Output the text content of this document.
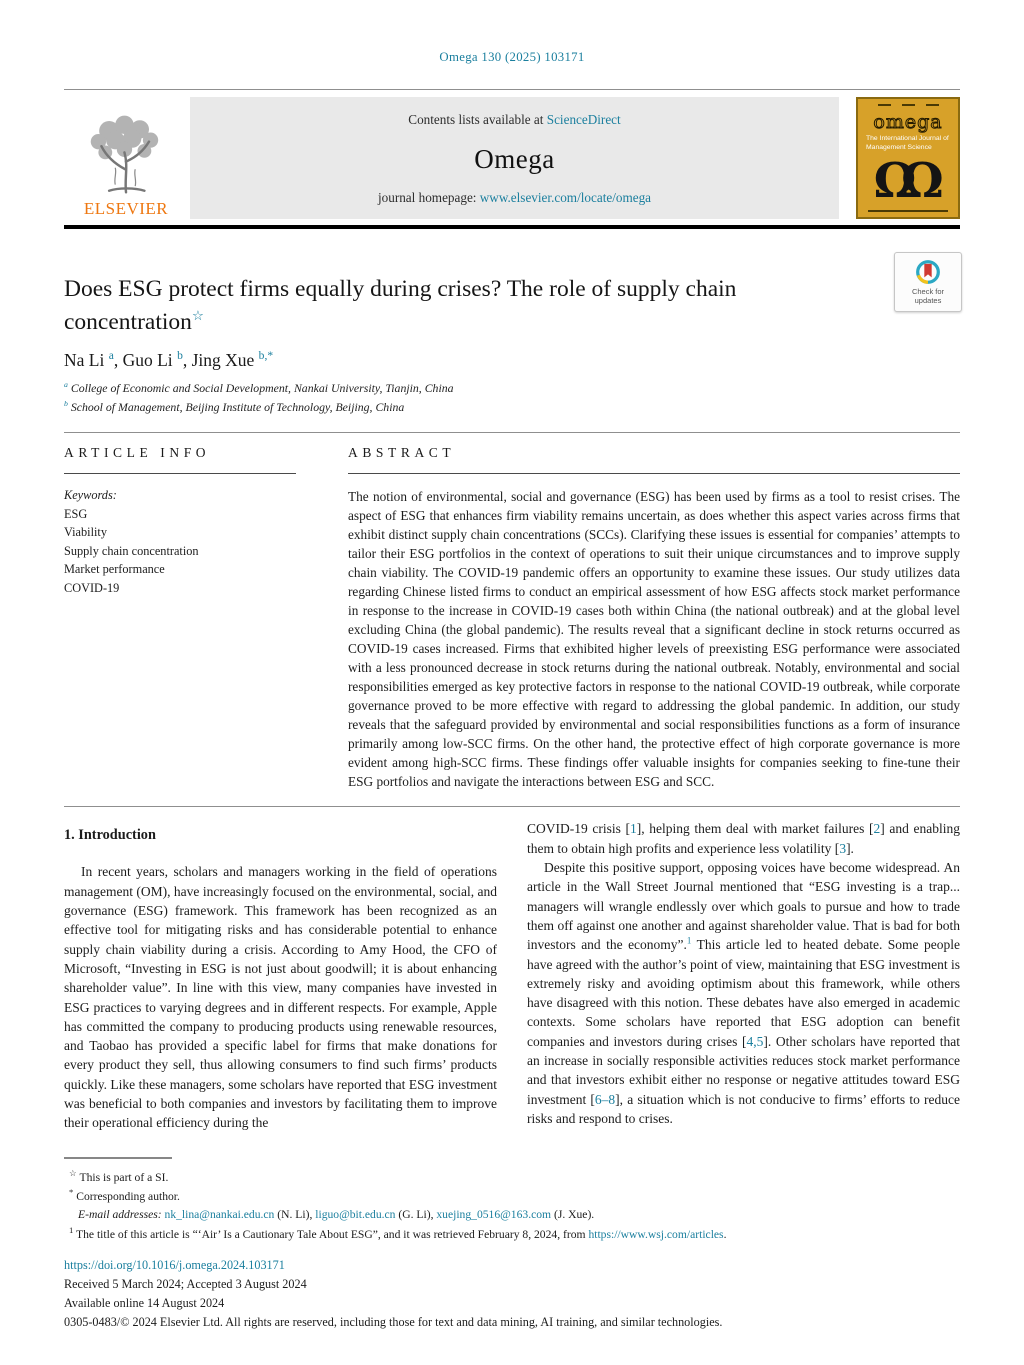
Omega 130 (2025) 103171
ELSEVIER
Contents lists available at ScienceDirect
Omega
journal homepage: www.elsevier.com/locate/omega
omega
The International Journal of Management Science
ΩΩ
Check for
updates
Does ESG protect firms equally during crises? The role of supply chain concentration☆
Na Li $^a$, Guo Li $^b$, Jing Xue $^{b,*}$
$^a$ College of Economic and Social Development, Nankai University, Tianjin, China
$^b$ School of Management, Beijing Institute of Technology, Beijing, China
ARTICLE INFO
Keywords:
ESG
Viability
Supply chain concentration
Market performance
COVID-19
ABSTRACT
The notion of environmental, social and governance (ESG) has been used by firms as a tool to resist crises. The aspect of ESG that enhances firm viability remains uncertain, as does whether this aspect varies across firms that exhibit distinct supply chain concentrations (SCCs). Clarifying these issues is essential for companies’ attempts to tailor their ESG portfolios in the context of operations to suit their unique circumstances and to improve supply chain viability. The COVID-19 pandemic offers an opportunity to examine these issues. Our study utilizes data regarding Chinese listed firms to conduct an empirical assessment of how ESG affects stock market performance in response to the increase in COVID-19 cases both within China (the national outbreak) and at the global level excluding China (the global pandemic). The results reveal that a significant decline in stock returns occurred as COVID-19 cases increased. Firms that exhibited higher levels of preexisting ESG performance were associated with a less pronounced decrease in stock returns during the national outbreak. Notably, environmental and social responsibilities emerged as key protective factors in response to the national COVID-19 outbreak, while corporate governance proved to be more effective with regard to addressing the global pandemic. In addition, our study reveals that the safeguard provided by environmental and social responsibilities functions as a form of insurance primarily among low-SCC firms. On the other hand, the protective effect of high corporate governance is more evident among high-SCC firms. These findings offer valuable insights for companies seeking to fine-tune their ESG portfolios and navigate the interactions between ESG and SCC.
1. Introduction

In recent years, scholars and managers working in the field of operations management (OM), have increasingly focused on the environmental, social, and governance (ESG) framework. This framework has been recognized as an effective tool for mitigating risks and has considerable potential to enhance supply chain viability during a crisis. According to Amy Hood, the CFO of Microsoft, “Investing in ESG is not just about goodwill; it is about enhancing shareholder value”. In line with this view, many companies have invested in ESG practices to varying degrees and in different respects. For example, Apple has committed the company to producing products using renewable resources, and Taobao has provided a specific label for firms that make donations for every product they sell, thus allowing consumers to find such firms’ products quickly. Like these managers, some scholars have reported that ESG investment was beneficial to both companies and investors by facilitating them to improve their operational efficiency during the

COVID-19 crisis [1], helping them deal with market failures [2] and enabling them to obtain high profits and experience less volatility [3].

Despite this positive support, opposing voices have become widespread. An article in the Wall Street Journal mentioned that “ESG investing is a trap... managers will wrangle endlessly over which goals to pursue and how to trade them off against one another and against shareholder value. That is bad for both investors and the economy”.$^1$ This article led to heated debate. Some people have agreed with the author’s point of view, maintaining that ESG investment is extremely risky and avoiding optimism about this framework, while others have disagreed with this notion. These debates have also emerged in academic contexts. Some scholars have reported that ESG adoption can benefit companies and investors during crises [4,5]. Other scholars have reported that an increase in socially responsible activities reduces stock market performance and that investors exhibit either no response or negative attitudes toward ESG investment [6–8], a situation which is not conducive to firms’ efforts to reduce risks and respond to crises.

☆ This is part of a SI.

* Corresponding author.

E-mail addresses: nk_lina@nankai.edu.cn (N. Li), liguo@bit.edu.cn (G. Li), xuejing_0516@163.com (J. Xue).

$^1$ The title of this article is “‘Air’ Is a Cautionary Tale About ESG”, and it was retrieved February 8, 2024, from https://www.wsj.com/articles.

https://doi.org/10.1016/j.omega.2024.103171

Received 5 March 2024; Accepted 3 August 2024

Available online 14 August 2024

0305-0483/© 2024 Elsevier Ltd. All rights are reserved, including those for text and data mining, AI training, and similar technologies.
